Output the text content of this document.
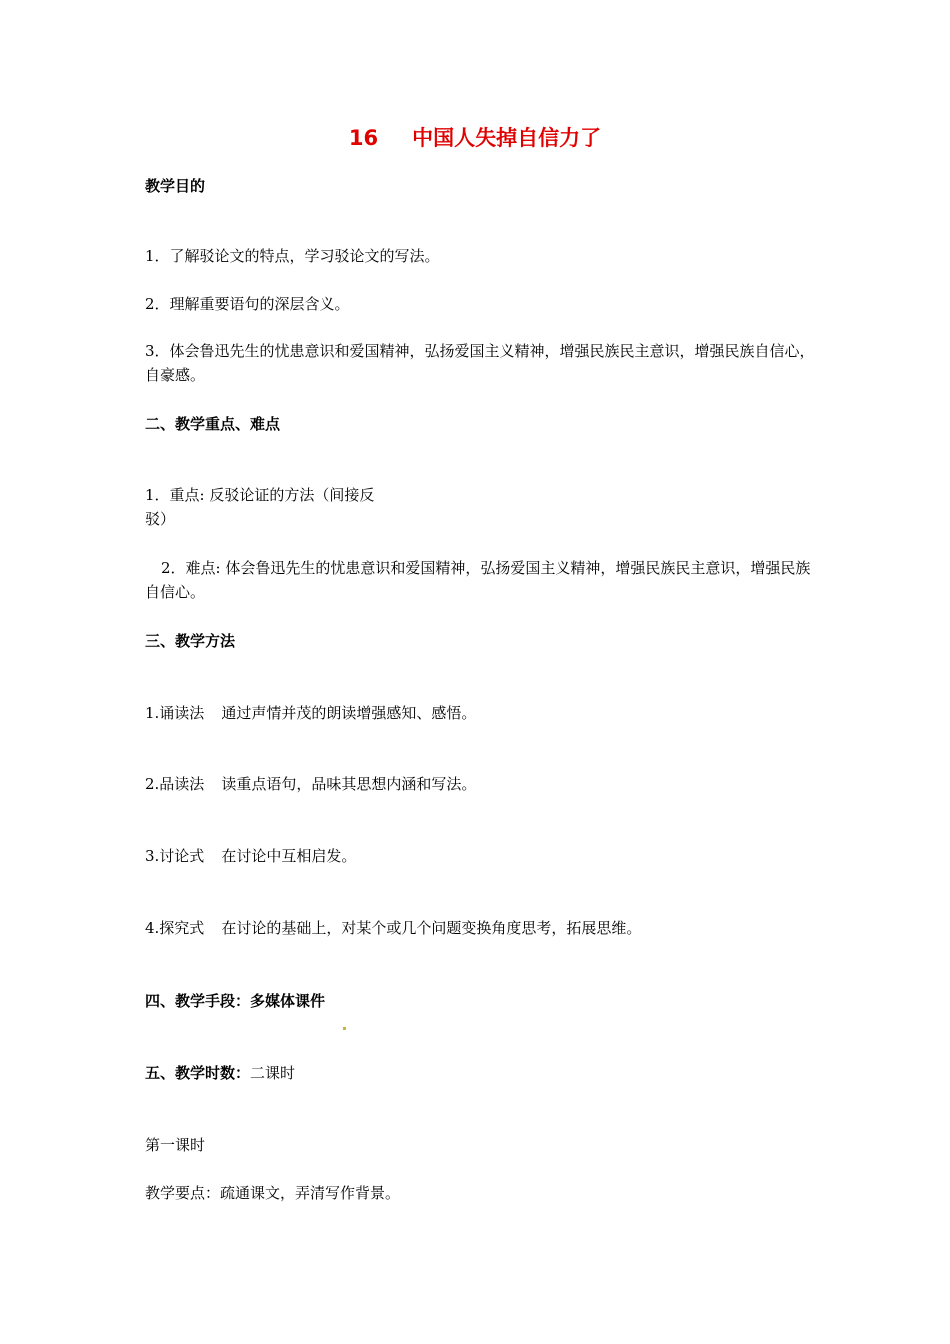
16 中国人失掉自信力了
教学目的
1．了解驳论文的特点，学习驳论文的写法。
2．理解重要语句的深层含义。
3．体会鲁迅先生的忧患意识和爱国精神，弘扬爱国主义精神，增强民族民主意识，增强民族自信心，自豪感。
二、教学重点、难点
1．重点: 反驳论证的方法（间接反
驳）
2．难点: 体会鲁迅先生的忧患意识和爱国精神，弘扬爱国主义精神，增强民族民主意识，增强民族自信心。
三、教学方法
1.诵读法 通过声情并茂的朗读增强感知、感悟。
2.品读法 读重点语句，品味其思想内涵和写法。
3.讨论式 在讨论中互相启发。
4.探究式 在讨论的基础上，对某个或几个问题变换角度思考，拓展思维。
四、教学手段：多媒体课件
五、教学时数：二课时
第一课时
教学要点：疏通课文，弄清写作背景。
